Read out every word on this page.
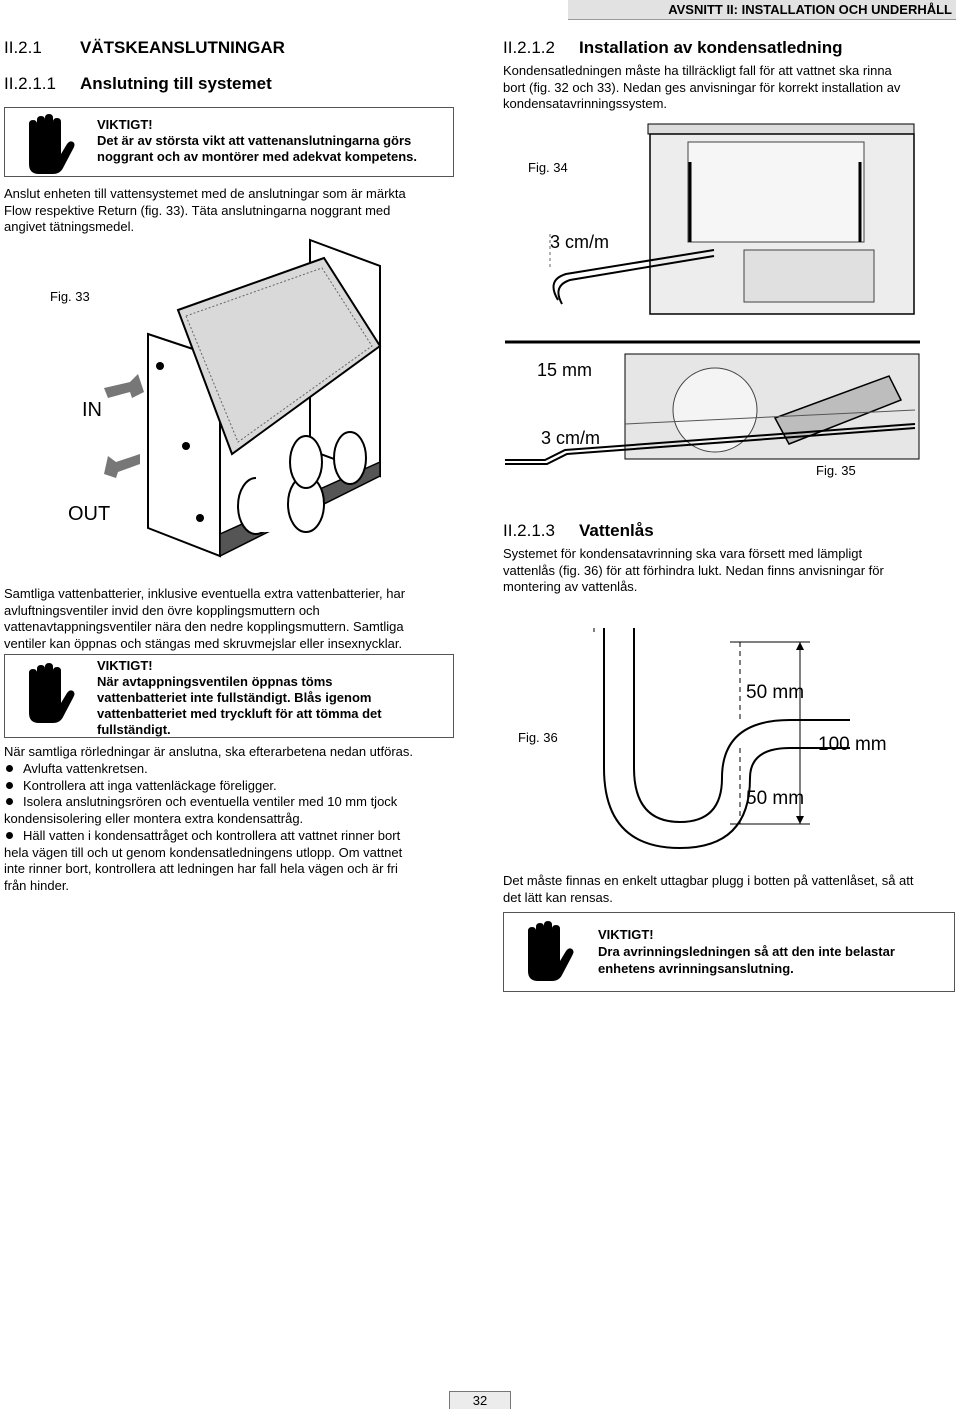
AVSNITT II: INSTALLATION OCH UNDERHÅLL
II.2.1 VÄTSKEANSLUTNINGAR
II.2.1.1 Anslutning till systemet
VIKTIGT!
Det är av största vikt att vattenanslutningarna görs
noggrant och av montörer med adekvat kompetens.
Anslut enheten till vattensystemet med de anslutningar som är märkta
Flow respektive Return (fig. 33). Täta anslutningarna noggrant med
angivet tätningsmedel.
Fig. 33
IN
OUT
Samtliga vattenbatterier, inklusive eventuella extra vattenbatterier, har
avluftningsventiler invid den övre kopplingsmuttern och
vattenavtappningsventiler nära den nedre kopplingsmuttern. Samtliga
ventiler kan öppnas och stängas med skruvmejslar eller insexnycklar.
VIKTIGT!
När avtappningsventilen öppnas töms
vattenbatteriet inte fullständigt. Blås igenom
vattenbatteriet med tryckluft för att tömma det
fullständigt.
När samtliga rörledningar är anslutna, ska efterarbetena nedan utföras.
Avlufta vattenkretsen.
Kontrollera att inga vattenläckage föreligger.
Isolera anslutningsrören och eventuella ventiler med 10 mm tjock
kondensisolering eller montera extra kondensattråg.
Häll vatten i kondensattråget och kontrollera att vattnet rinner bort
hela vägen till och ut genom kondensatledningens utlopp. Om vattnet
inte rinner bort, kontrollera att ledningen har fall hela vägen och är fri
från hinder.
II.2.1.2 Installation av kondensatledning
Kondensatledningen måste ha tillräckligt fall för att vattnet ska rinna
bort (fig. 32 och 33). Nedan ges anvisningar för korrekt installation av
kondensatavrinningssystem.
Fig. 34
3 cm/m
15 mm
3 cm/m
Fig. 35
II.2.1.3 Vattenlås
Systemet för kondensatavrinning ska vara försett med lämpligt
vattenlås (fig. 36) för att förhindra lukt. Nedan finns anvisningar för
montering av vattenlås.
Fig. 36
50 mm
100 mm
50 mm
Det måste finnas en enkelt uttagbar plugg i botten på vattenlåset, så att
det lätt kan rensas.
VIKTIGT!
Dra avrinningsledningen så att den inte belastar
enhetens avrinningsanslutning.
32
